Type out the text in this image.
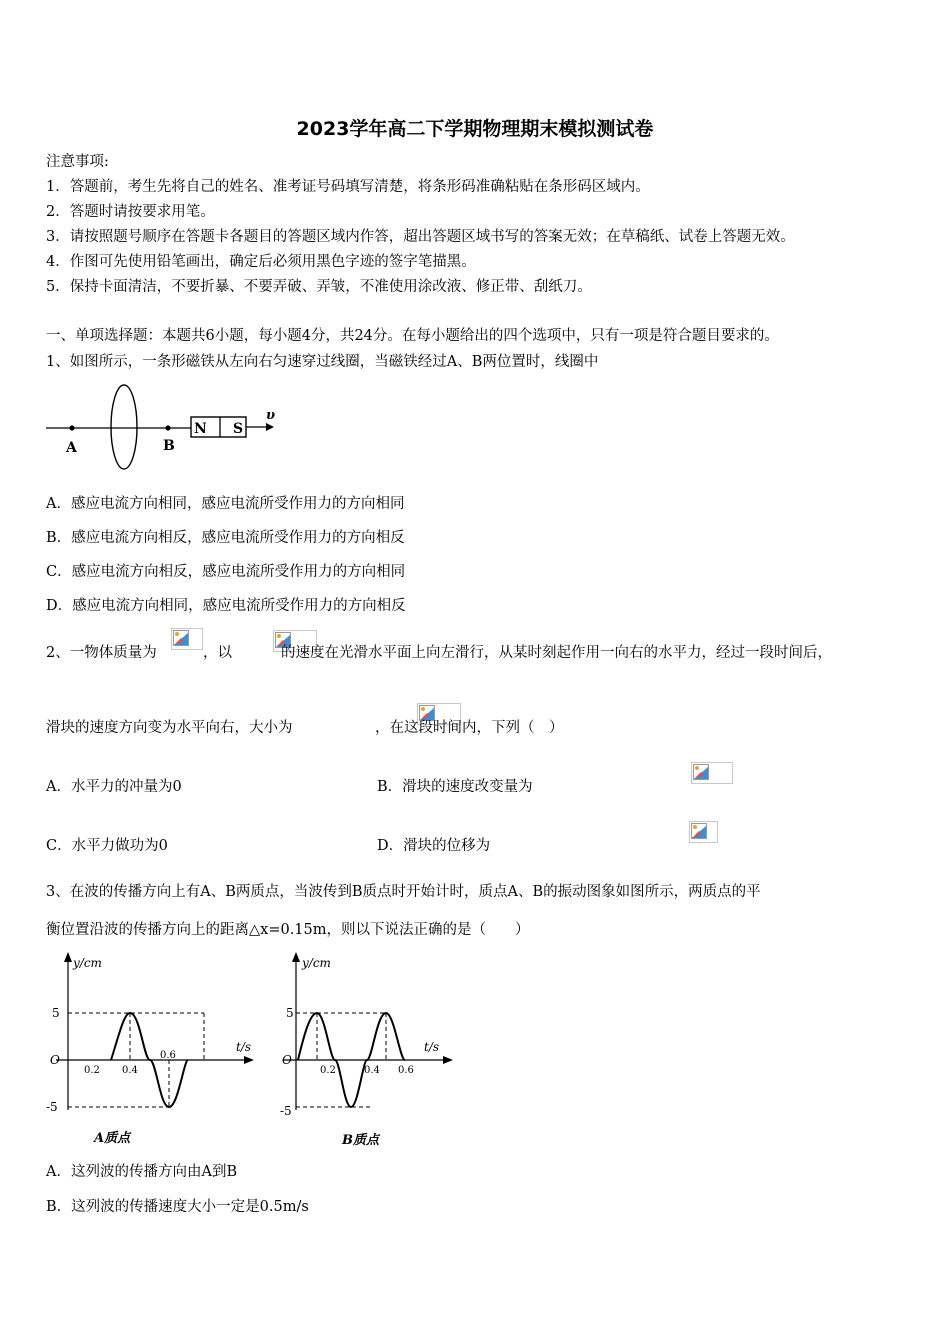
2023学年高二下学期物理期末模拟测试卷
注意事项:
1．答题前，考生先将自己的姓名、准考证号码填写清楚，将条形码准确粘贴在条形码区域内。
2．答题时请按要求用笔。
3．请按照题号顺序在答题卡各题目的答题区域内作答，超出答题区域书写的答案无效；在草稿纸、试卷上答题无效。
4．作图可先使用铅笔画出，确定后必须用黑色字迹的签字笔描黑。
5．保持卡面清洁，不要折暴、不要弄破、弄皱，不准使用涂改液、修正带、刮纸刀。
一、单项选择题：本题共6小题，每小题4分，共24分。在每小题给出的四个选项中，只有一项是符合题目要求的。
1、如图所示，一条形磁铁从左向右匀速穿过线圈，当磁铁经过A、B两位置时，线圈中
A	B
N S
υ
A．感应电流方向相同，感应电流所受作用力的方向相同
B．感应电流方向相反，感应电流所受作用力的方向相反
C．感应电流方向相反，感应电流所受作用力的方向相同
D．感应电流方向相同，感应电流所受作用力的方向相反
2、一物体质量为
	，以
	的速度在光滑水平面上向左滑行，从某时刻起作用一向右的水平力，经过一段时间后，
滑块的速度方向变为水平向右，大小为
	，在这段时间内，下列（　）
A．水平力的冲量为0	B．滑块的速度改变量为

C．水平力做功为0	D．滑块的位移为
3、在波的传播方向上有A、B两质点，当波传到B质点时开始计时，质点A、B的振动图象如图所示，两质点的平
衡位置沿波的传播方向上的距离△x=0.15m，则以下说法正确的是（　　）
y/cm
t/s
O
5
-5
0.2 0.4
0.6
A质点
y/cm
t/s
O
5
-5
0.2	0.4 0.6
B质点
A．这列波的传播方向由A到B
B．这列波的传播速度大小一定是0.5m/s
